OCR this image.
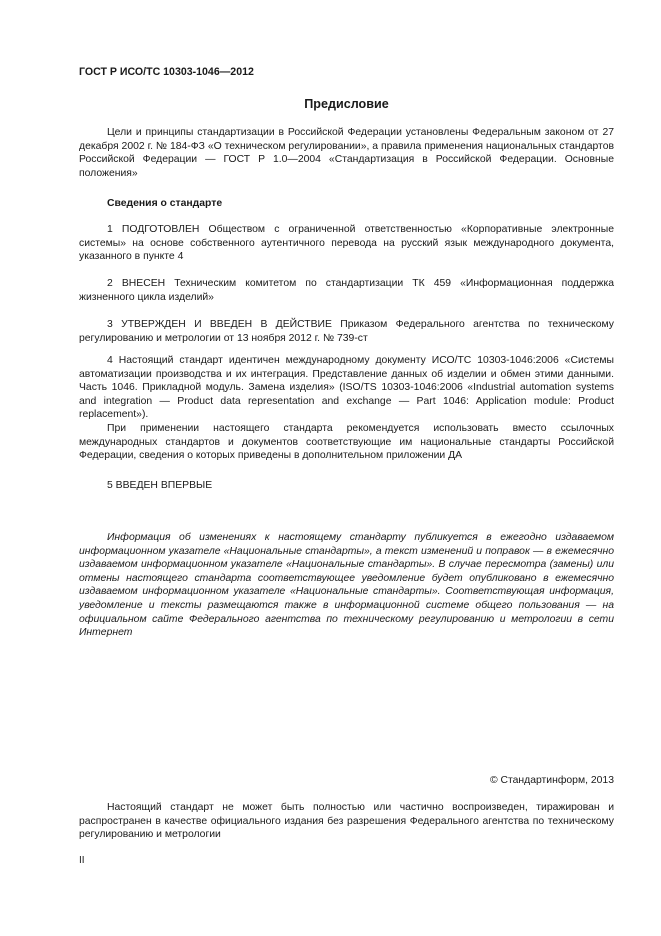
ГОСТ Р ИСО/ТС 10303-1046—2012
Предисловие

Цели и принципы стандартизации в Российской Федерации установлены Федеральным законом от 27 декабря 2002 г. № 184-ФЗ «О техническом регулировании», а правила применения национальных стандартов Российской Федерации — ГОСТ Р 1.0—2004 «Стандартизация в Российской Федерации. Основные положения»

Сведения о стандарте

1 ПОДГОТОВЛЕН Обществом с ограниченной ответственностью «Корпоративные электронные системы» на основе собственного аутентичного перевода на русский язык международного документа, указанного в пункте 4

2 ВНЕСЕН Техническим комитетом по стандартизации ТК 459 «Информационная поддержка жизненного цикла изделий»

3 УТВЕРЖДЕН И ВВЕДЕН В ДЕЙСТВИЕ Приказом Федерального агентства по техническому регулированию и метрологии от 13 ноября 2012 г. № 739-ст

4 Настоящий стандарт идентичен международному документу ИСО/ТС 10303-1046:2006 «Системы автоматизации производства и их интеграция. Представление данных об изделии и обмен этими данными. Часть 1046. Прикладной модуль. Замена изделия» (ISO/TS 10303-1046:2006 «Industrial automation systems and integration — Product data representation and exchange — Part 1046: Application module: Product replacement»).

При применении настоящего стандарта рекомендуется использовать вместо ссылочных международных стандартов и документов соответствующие им национальные стандарты Российской Федерации, сведения о которых приведены в дополнительном приложении ДА

5 ВВЕДЕН ВПЕРВЫЕ

Информация об изменениях к настоящему стандарту публикуется в ежегодно издаваемом информационном указателе «Национальные стандарты», а текст изменений и поправок — в ежемесячно издаваемом информационном указателе «Национальные стандарты». В случае пересмотра (замены) или отмены настоящего стандарта соответствующее уведомление будет опубликовано в ежемесячно издаваемом информационном указателе «Национальные стандарты». Соответствующая информация, уведомление и тексты размещаются также в информационной системе общего пользования — на официальном сайте Федерального агентства по техническому регулированию и метрологии в сети Интернет

© Стандартинформ, 2013

Настоящий стандарт не может быть полностью или частично воспроизведен, тиражирован и распространен в качестве официального издания без разрешения Федерального агентства по техническому регулированию и метрологии

II
